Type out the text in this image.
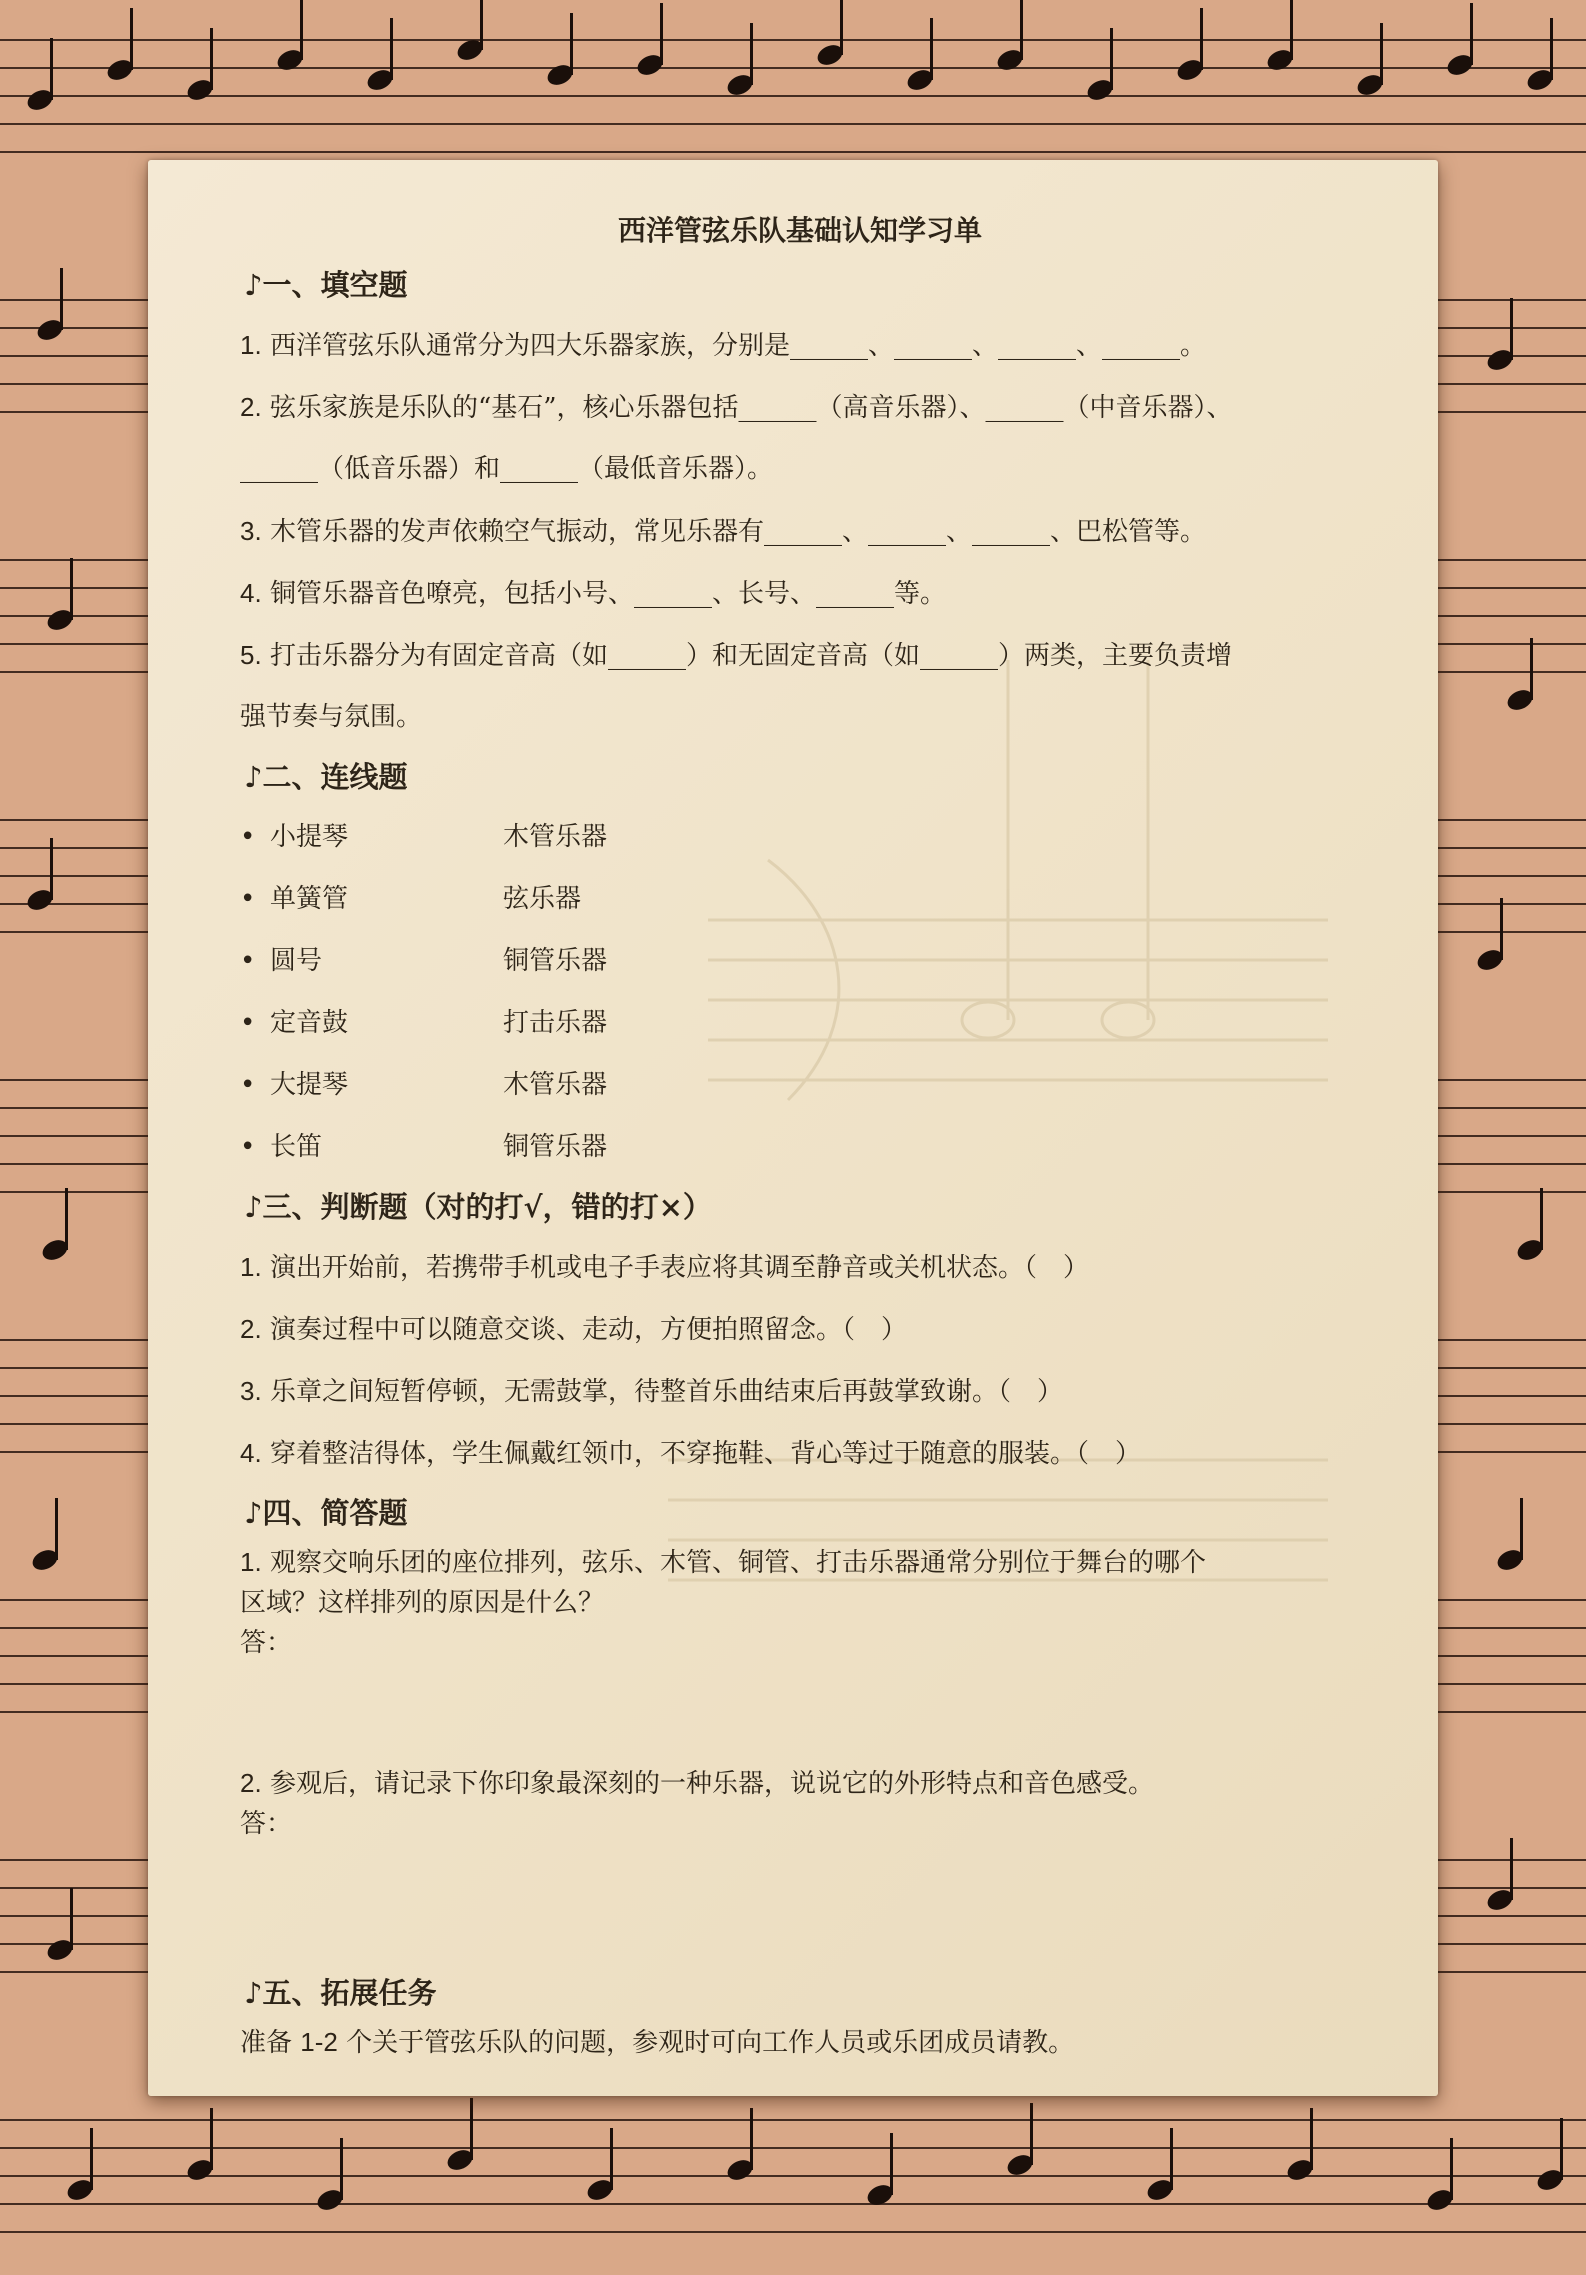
西洋管弦乐队基础认知学习单
♪一、填空题
1. 西洋管弦乐队通常分为四大乐器家族，分别是______、______、______、______。
2. 弦乐家族是乐队的“基石”，核心乐器包括______（高音乐器）、______（中音乐器）、
______（低音乐器）和______（最低音乐器）。
3. 木管乐器的发声依赖空气振动，常见乐器有______、______、______、巴松管等。
4. 铜管乐器音色嘹亮，包括小号、______、长号、______等。
5. 打击乐器分为有固定音高（如______）和无固定音高（如______）两类，主要负责增
强节奏与氛围。
♪二、连线题
• 小提琴	木管乐器
• 单簧管	弦乐器
• 圆号	铜管乐器
• 定音鼓	打击乐器
• 大提琴	木管乐器
• 长笛	铜管乐器
♪三、判断题（对的打√，错的打×）
1. 演出开始前，若携带手机或电子手表应将其调至静音或关机状态。（　）
2. 演奏过程中可以随意交谈、走动，方便拍照留念。（　）
3. 乐章之间短暂停顿，无需鼓掌，待整首乐曲结束后再鼓掌致谢。（　）
4. 穿着整洁得体，学生佩戴红领巾，不穿拖鞋、背心等过于随意的服装。（　）
♪四、简答题
1. 观察交响乐团的座位排列，弦乐、木管、铜管、打击乐器通常分别位于舞台的哪个
区域？这样排列的原因是什么？
答：
2. 参观后，请记录下你印象最深刻的一种乐器，说说它的外形特点和音色感受。
答：
♪五、拓展任务
准备 1-2 个关于管弦乐队的问题，参观时可向工作人员或乐团成员请教。
